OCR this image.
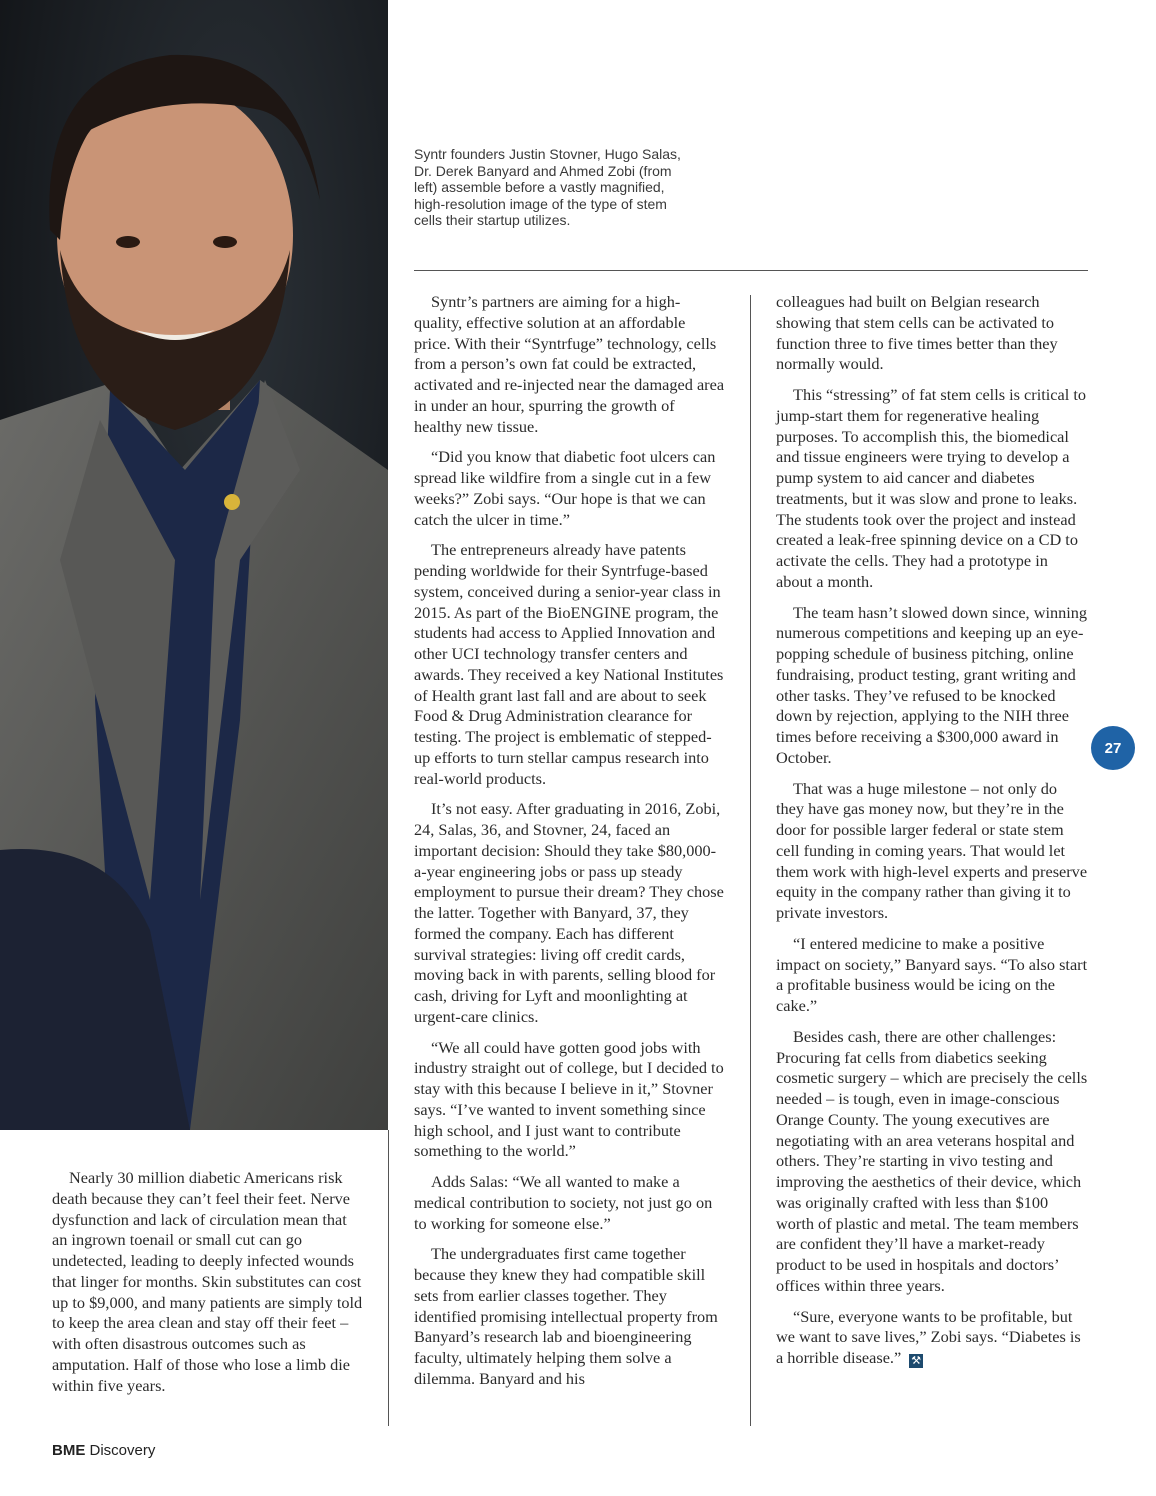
Syntr founders Justin Stovner, Hugo Salas, Dr. Derek Banyard and Ahmed Zobi (from left) assemble before a vastly magnified, high-resolution image of the type of stem cells their startup utilizes.

Nearly 30 million diabetic Americans risk death because they can’t feel their feet. Nerve dysfunction and lack of circulation mean that an ingrown toenail or small cut can go undetected, leading to deeply infected wounds that linger for months. Skin substitutes can cost up to $9,000, and many patients are simply told to keep the area clean and stay off their feet – with often disastrous outcomes such as amputation. Half of those who lose a limb die within five years.

Syntr’s partners are aiming for a high-quality, effective solution at an affordable price. With their “Syntrfuge” technology, cells from a person’s own fat could be extracted, activated and re-injected near the damaged area in under an hour, spurring the growth of healthy new tissue.

“Did you know that diabetic foot ulcers can spread like wildfire from a single cut in a few weeks?” Zobi says. “Our hope is that we can catch the ulcer in time.”

The entrepreneurs already have patents pending worldwide for their Syntrfuge-based system, conceived during a senior-year class in 2015. As part of the BioENGINE program, the students had access to Applied Innovation and other UCI technology transfer centers and awards. They received a key National Institutes of Health grant last fall and are about to seek Food & Drug Administration clearance for testing. The project is emblematic of stepped-up efforts to turn stellar campus research into real-world products.

It’s not easy. After graduating in 2016, Zobi, 24, Salas, 36, and Stovner, 24, faced an important decision: Should they take $80,000-a-year engineering jobs or pass up steady employment to pursue their dream? They chose the latter. Together with Banyard, 37, they formed the company. Each has different survival strategies: living off credit cards, moving back in with parents, selling blood for cash, driving for Lyft and moonlighting at urgent-care clinics.

“We all could have gotten good jobs with industry straight out of college, but I decided to stay with this because I believe in it,” Stovner says. “I’ve wanted to invent something since high school, and I just want to contribute something to the world.”

Adds Salas: “We all wanted to make a medical contribution to society, not just go on to working for someone else.”

The undergraduates first came together because they knew they had compatible skill sets from earlier classes together. They identified promising intellectual property from Banyard’s research lab and bioengineering faculty, ultimately helping them solve a dilemma. Banyard and his

colleagues had built on Belgian research showing that stem cells can be activated to function three to five times better than they normally would.

This “stressing” of fat stem cells is critical to jump-start them for regenerative healing purposes. To accomplish this, the biomedical and tissue engineers were trying to develop a pump system to aid cancer and diabetes treatments, but it was slow and prone to leaks. The students took over the project and instead created a leak-free spinning device on a CD to activate the cells. They had a prototype in about a month.

The team hasn’t slowed down since, winning numerous competitions and keeping up an eye-popping schedule of business pitching, online fundraising, product testing, grant writing and other tasks. They’ve refused to be knocked down by rejection, applying to the NIH three times before receiving a $300,000 award in October.

That was a huge milestone – not only do they have gas money now, but they’re in the door for possible larger federal or state stem cell funding in coming years. That would let them work with high-level experts and preserve equity in the company rather than giving it to private investors.

“I entered medicine to make a positive impact on society,” Banyard says. “To also start a profitable business would be icing on the cake.”

Besides cash, there are other challenges: Procuring fat cells from diabetics seeking cosmetic surgery – which are precisely the cells needed – is tough, even in image-conscious Orange County. The young executives are negotiating with an area veterans hospital and others. They’re starting in vivo testing and improving the aesthetics of their device, which was originally crafted with less than $100 worth of plastic and metal. The team members are confident they’ll have a market-ready product to be used in hospitals and doctors’ offices within three years.

“Sure, everyone wants to be profitable, but we want to save lives,” Zobi says. “Diabetes is a horrible disease.” ⚒

27
BME Discovery
